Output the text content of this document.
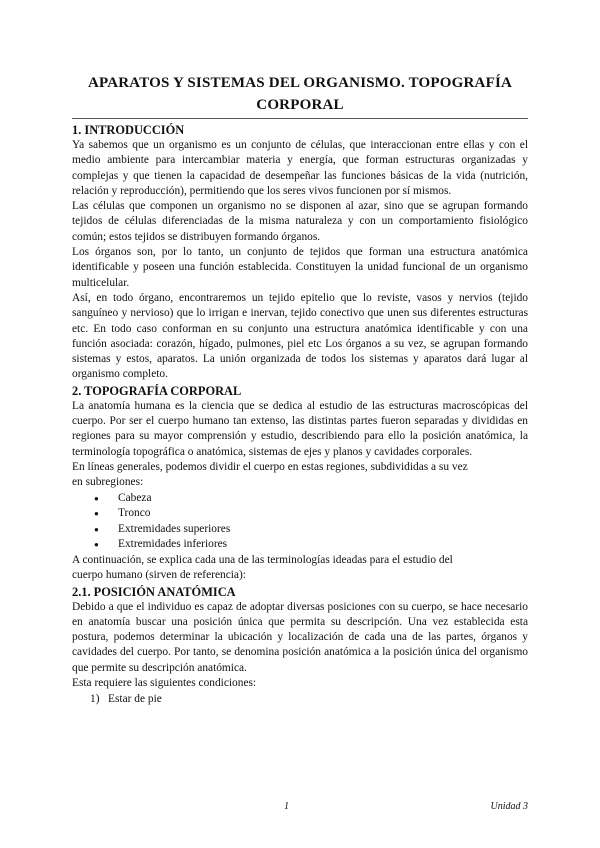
APARATOS Y SISTEMAS DEL ORGANISMO. TOPOGRAFÍA CORPORAL
1. INTRODUCCIÓN

Ya sabemos que un organismo es un conjunto de células, que interaccionan entre ellas y con el medio ambiente para intercambiar materia y energía, que forman estructuras organizadas y complejas y que tienen la capacidad de desempeñar las funciones básicas de la vida (nutrición, relación y reproducción), permitiendo que los seres vivos funcionen por sí mismos.

Las células que componen un organismo no se disponen al azar, sino que se agrupan formando tejidos de células diferenciadas de la misma naturaleza y con un comportamiento fisiológico común; estos tejidos se distribuyen formando órganos.

Los órganos son, por lo tanto, un conjunto de tejidos que forman una estructura anatómica identificable y poseen una función establecida. Constituyen la unidad funcional de un organismo multicelular.

Así, en todo órgano, encontraremos un tejido epitelio que lo reviste, vasos y nervios (tejido sanguíneo y nervioso) que lo irrigan e inervan, tejido conectivo que unen sus diferentes estructuras etc. En todo caso conforman en su conjunto una estructura anatómica identificable y con una función asociada: corazón, hígado, pulmones, piel etc Los órganos a su vez, se agrupan formando sistemas y estos, aparatos. La unión organizada de todos los sistemas y aparatos dará lugar al organismo completo.

2. TOPOGRAFÍA CORPORAL

La anatomía humana es la ciencia que se dedica al estudio de las estructuras macroscópicas del cuerpo. Por ser el cuerpo humano tan extenso, las distintas partes fueron separadas y divididas en regiones para su mayor comprensión y estudio, describiendo para ello la posición anatómica, la terminología topográfica o anatómica, sistemas de ejes y planos y cavidades corporales.

En líneas generales, podemos dividir el cuerpo en estas regiones, subdivididas a su vez

en subregiones:

● Cabeza
● Tronco
● Extremidades superiores
● Extremidades inferiores

A continuación, se explica cada una de las terminologías ideadas para el estudio del

cuerpo humano (sirven de referencia):

2.1. POSICIÓN ANATÓMICA

Debido a que el individuo es capaz de adoptar diversas posiciones con su cuerpo, se hace necesario en anatomía buscar una posición única que permita su descripción. Una vez establecida esta postura, podemos determinar la ubicación y localización de cada una de las partes, órganos y cavidades del cuerpo. Por tanto, se denomina posición anatómica a la posición única del organismo que permite su descripción anatómica.

Esta requiere las siguientes condiciones:

1)   Estar de pie
1	Unidad 3
